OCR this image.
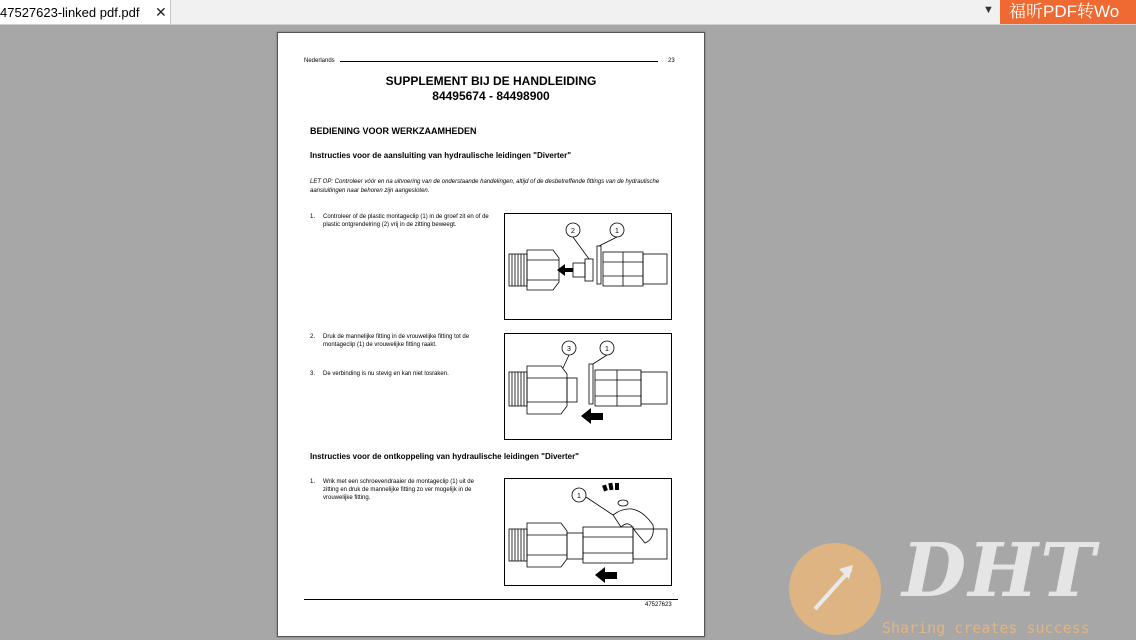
47527623-linked pdf.pdf ✕	▼ 福昕PDF转Wo
Nederlands	23
SUPPLEMENT BIJ DE HANDLEIDING
84495674 - 84498900
BEDIENING VOOR WERKZAAMHEDEN
Instructies voor de aansluiting van hydraulische leidingen "Diverter"
LET OP: Controleer vóór en na uitvoering van de onderstaande handelingen, altijd of de desbetreffende fittings van de hydraulische aansluitingen naar behoren zijn aangesloten.
1. Controleer of de plastic montageclip (1) in de groef zit en of de plastic ontgrendelring (2) vrij in de zitting beweegt.
2	1
2. Druk de mannelijke fitting in de vrouwelijke fitting tot de montageclip (1) de vrouwelijke fitting raakt.
3. De verbinding is nu stevig en kan niet losraken.
3	1
Instructies voor de ontkoppeling van hydraulische leidingen "Diverter"
1. Wrik met een schroevendraaier de montageclip (1) uit de zitting en druk de mannelijke fitting zo ver mogelijk in de vrouwelijke fitting.	1
47527623	DHT
Sharing creates success
